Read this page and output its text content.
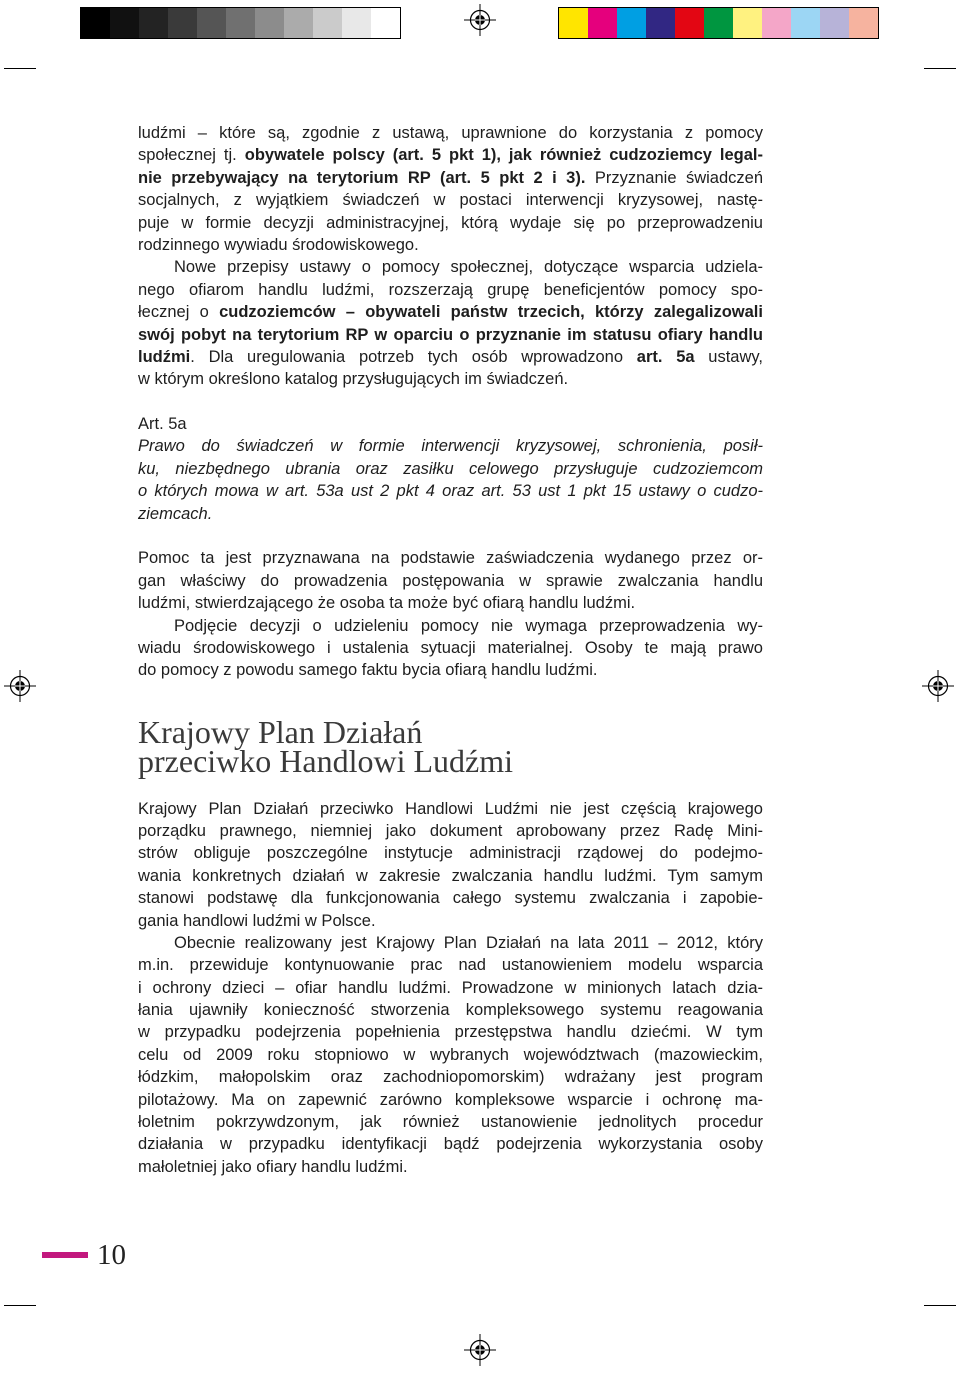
ludźmi – które są, zgodnie z ustawą, uprawnione do korzystania z pomocy
społecznej tj. obywatele polscy (art. 5 pkt 1), jak również cudzoziemcy legal-
nie przebywający na terytorium RP (art. 5 pkt 2 i 3). Przyznanie świadczeń
socjalnych, z wyjątkiem świadczeń w postaci interwencji kryzysowej, nastę-
puje w formie decyzji administracyjnej, którą wydaje się po przeprowadzeniu
rodzinnego wywiadu środowiskowego.
Nowe przepisy ustawy o pomocy społecznej, dotyczące wsparcia udziela-
nego ofiarom handlu ludźmi, rozszerzają grupę beneficjentów pomocy spo-
łecznej o cudzoziemców – obywateli państw trzecich, którzy zalegalizowali
swój pobyt na terytorium RP w oparciu o przyznanie im statusu ofiary handlu
ludźmi. Dla uregulowania potrzeb tych osób wprowadzono art. 5a ustawy,
w którym określono katalog przysługujących im świadczeń.
Art. 5a
Prawo do świadczeń w formie interwencji kryzysowej, schronienia, posił-
ku, niezbędnego ubrania oraz zasiłku celowego przysługuje cudzoziemcom
o których mowa w art. 53a ust 2 pkt 4 oraz art. 53 ust 1 pkt 15 ustawy o cudzo-
ziemcach.
Pomoc ta jest przyznawana na podstawie zaświadczenia wydanego przez or-
gan właściwy do prowadzenia postępowania w sprawie zwalczania handlu
ludźmi, stwierdzającego że osoba ta może być ofiarą handlu ludźmi.
Podjęcie decyzji o udzieleniu pomocy nie wymaga przeprowadzenia wy-
wiadu środowiskowego i ustalenia sytuacji materialnej. Osoby te mają prawo
do pomocy z powodu samego faktu bycia ofiarą handlu ludźmi.
Krajowy Plan Działań
przeciwko Handlowi Ludźmi
Krajowy Plan Działań przeciwko Handlowi Ludźmi nie jest częścią krajowego
porządku prawnego, niemniej jako dokument aprobowany przez Radę Mini-
strów obliguje poszczególne instytucje administracji rządowej do podejmo-
wania konkretnych działań w zakresie zwalczania handlu ludźmi. Tym samym
stanowi podstawę dla funkcjonowania całego systemu zwalczania i zapobie-
gania handlowi ludźmi w Polsce.
Obecnie realizowany jest Krajowy Plan Działań na lata 2011 – 2012, który
m.in. przewiduje kontynuowanie prac nad ustanowieniem modelu wsparcia
i ochrony dzieci – ofiar handlu ludźmi. Prowadzone w minionych latach dzia-
łania ujawniły konieczność stworzenia kompleksowego systemu reagowania
w przypadku podejrzenia popełnienia przestępstwa handlu dziećmi. W tym
celu od 2009 roku stopniowo w wybranych województwach (mazowieckim,
łódzkim, małopolskim oraz zachodniopomorskim) wdrażany jest program
pilotażowy. Ma on zapewnić zarówno kompleksowe wsparcie i ochronę ma-
łoletnim pokrzywdzonym, jak również ustanowienie jednolitych procedur
działania w przypadku identyfikacji bądź podejrzenia wykorzystania osoby
małoletniej jako ofiary handlu ludźmi.
10
